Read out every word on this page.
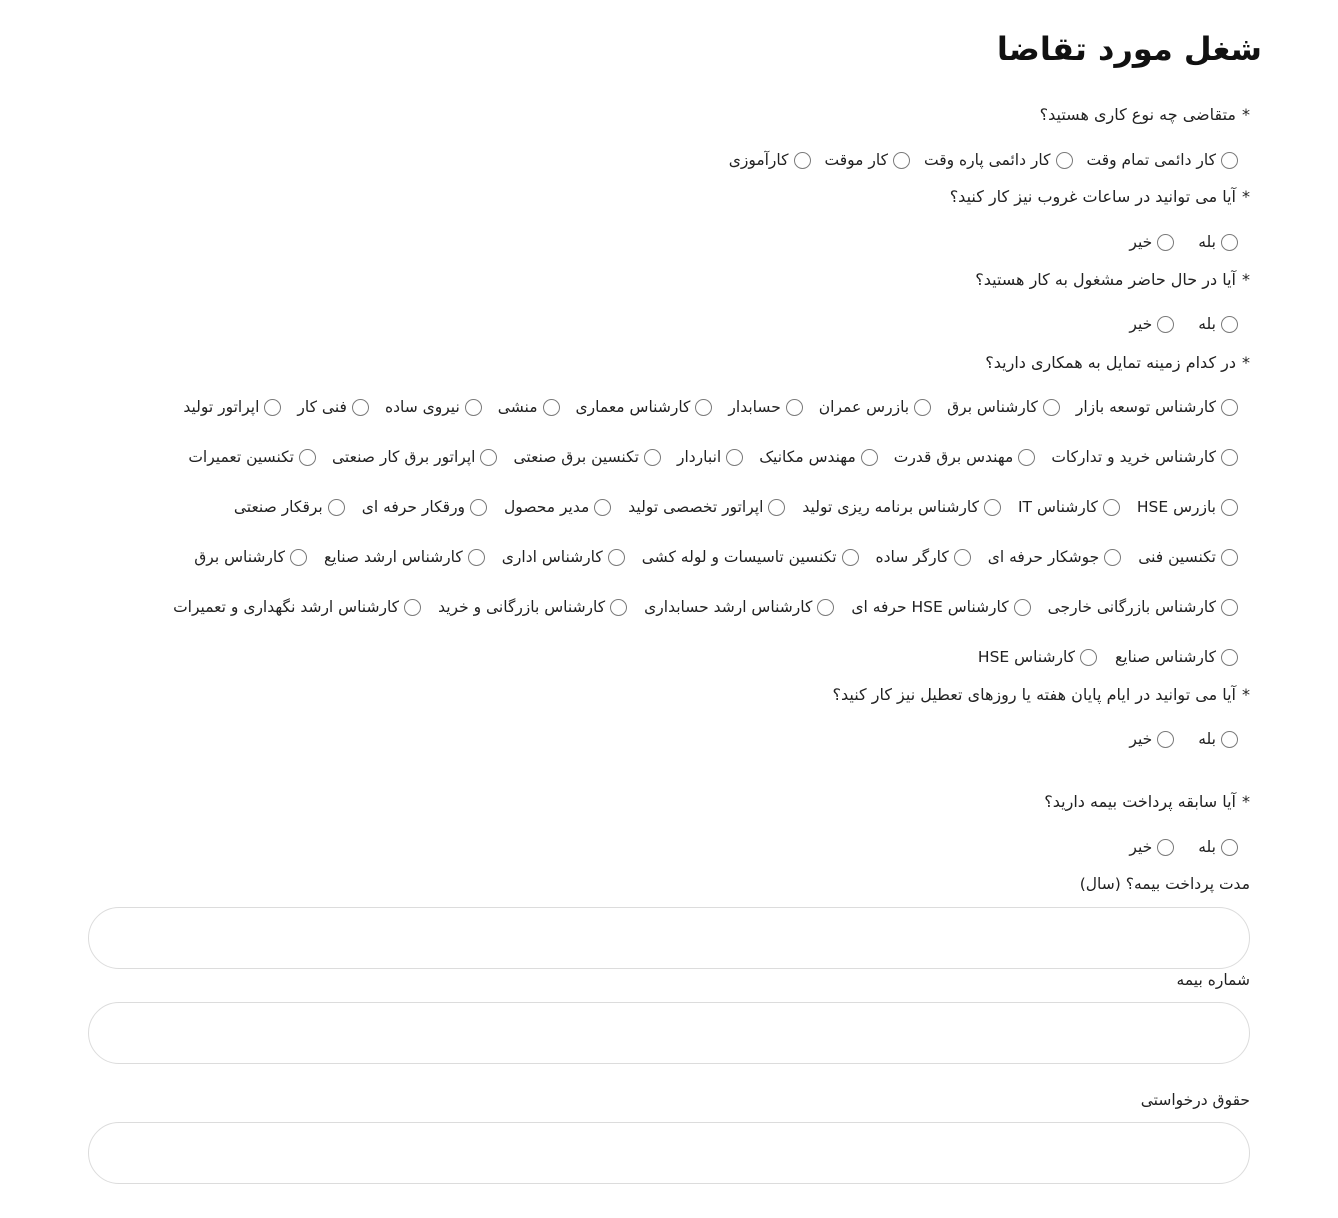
شغل مورد تقاضا
*متقاضی چه نوع کاری هستید؟
کار دائمی تمام وقت
کار دائمی پاره وقت
کار موقت
کارآموزی
*آیا می توانید در ساعات غروب نیز کار کنید؟
بله
خیر
*آیا در حال حاضر مشغول به کار هستید؟
بله
خیر
*در کدام زمینه تمایل به همکاری دارید؟
کارشناس توسعه بازار
کارشناس برق
بازرس عمران
حسابدار
کارشناس معماری
منشی
نیروی ساده
فنی کار
اپراتور تولید
کارشناس خرید و تدارکات
مهندس برق قدرت
مهندس مکانیک
انباردار
تکنسین برق صنعتی
اپراتور برق کار صنعتی
تکنسین تعمیرات
بازرس HSE
کارشناس IT
کارشناس برنامه ریزی تولید
اپراتور تخصصی تولید
مدیر محصول
ورقکار حرفه ای
برقکار صنعتی
تکنسین فنی
جوشکار حرفه ای
کارگر ساده
تکنسین تاسیسات و لوله کشی
کارشناس اداری
کارشناس ارشد صنایع
کارشناس برق
کارشناس بازرگانی خارجی
کارشناس HSE حرفه ای
کارشناس ارشد حسابداری
کارشناس بازرگانی و خرید
کارشناس ارشد نگهداری و تعمیرات
کارشناس صنایع
کارشناس HSE
*آیا می توانید در ایام پایان هفته یا روزهای تعطیل نیز کار کنید؟
بله
خیر
*آیا سابقه پرداخت بیمه دارید؟
بله
خیر
مدت پرداخت بیمه؟ (سال)
شماره بیمه
حقوق درخواستی
